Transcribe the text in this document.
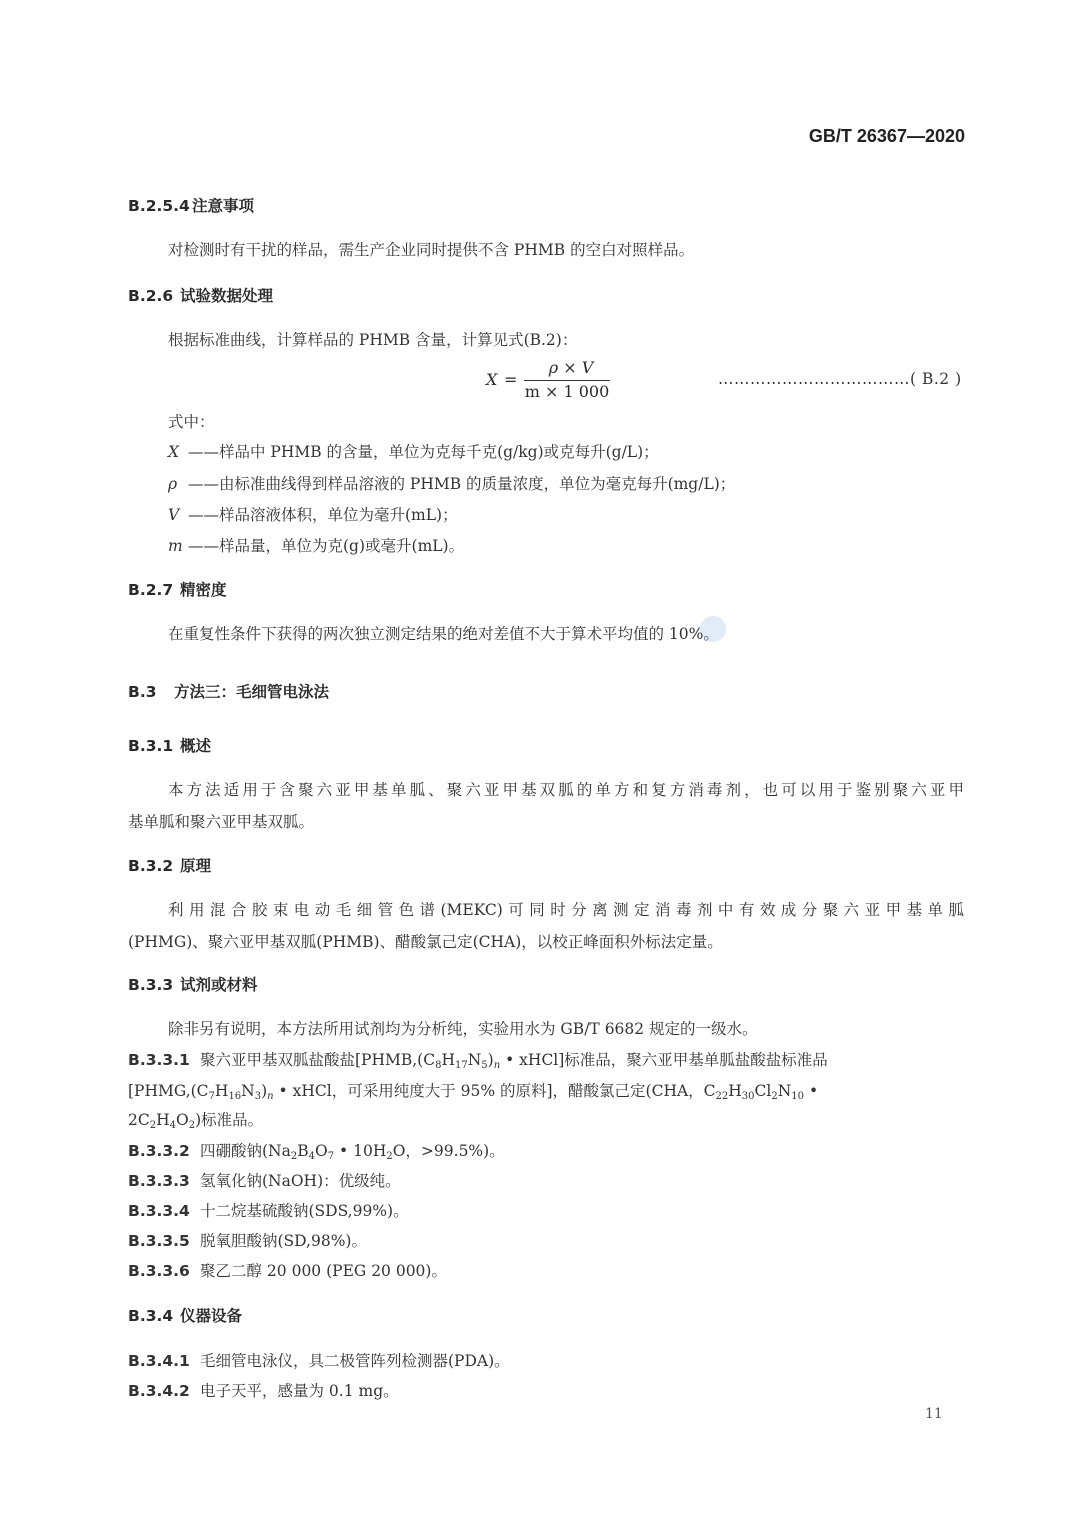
GB/T 26367—2020
B.2.5.4 注意事项
对检测时有干扰的样品，需生产企业同时提供不含 PHMB 的空白对照样品。
B.2.6 试验数据处理
根据标准曲线，计算样品的 PHMB 含量，计算见式(B.2)：
X =
ρ × V
m × 1 000
………………………………( B.2 )
式中：
X ——样品中 PHMB 的含量，单位为克每千克(g/kg)或克每升(g/L)；
ρ ——由标准曲线得到样品溶液的 PHMB 的质量浓度，单位为毫克每升(mg/L)；
V ——样品溶液体积，单位为毫升(mL)；
m ——样品量，单位为克(g)或毫升(mL)。
B.2.7 精密度
在重复性条件下获得的两次独立测定结果的绝对差值不大于算术平均值的 10%。
B.3 方法三：毛细管电泳法
B.3.1 概述
本方法适用于含聚六亚甲基单胍、聚六亚甲基双胍的单方和复方消毒剂，也可以用于鉴别聚六亚甲
基单胍和聚六亚甲基双胍。
B.3.2 原理
利用混合胶束电动毛细管色谱(MEKC)可同时分离测定消毒剂中有效成分聚六亚甲基单胍
(PHMG)、聚六亚甲基双胍(PHMB)、醋酸氯己定(CHA)，以校正峰面积外标法定量。
B.3.3 试剂或材料
除非另有说明，本方法所用试剂均为分析纯，实验用水为 GB/T 6682 规定的一级水。
B.3.3.1 聚六亚甲基双胍盐酸盐[$PHMB,(C_8H_{17}N_5)_n$ • xHCl]标准品，聚六亚甲基单胍盐酸盐标准品
[$PHMG,(C_7H_{16}N_3)_n$ • xHCl，可采用纯度大于 95% 的原料]，醋酸氯己定(CHA，$C_{22}H_{30}Cl_2N_{10}$ •
$2C_2H_4O_2$)标准品。
B.3.3.2 四硼酸钠($Na_2B_4O_7$ • $10H_2O$，>99.5%)。
B.3.3.3 氢氧化钠(NaOH)：优级纯。
B.3.3.4 十二烷基硫酸钠(SDS,99%)。
B.3.3.5 脱氧胆酸钠(SD,98%)。
B.3.3.6 聚乙二醇 20 000 (PEG 20 000)。
B.3.4 仪器设备
B.3.4.1 毛细管电泳仪，具二极管阵列检测器(PDA)。
B.3.4.2 电子天平，感量为 0.1 mg。
11
